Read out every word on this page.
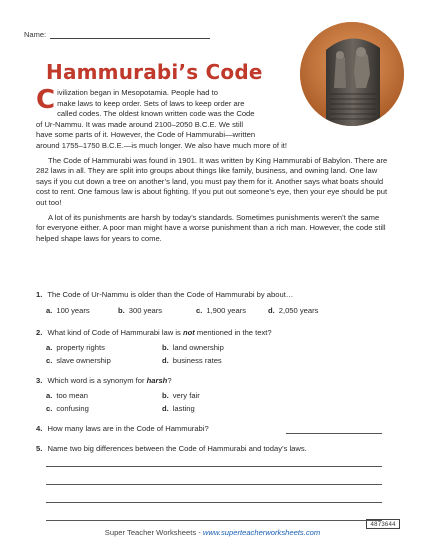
Name:
Hammurabi’s Code
C ivilization began in Mesopotamia. People had to
make laws to keep order. Sets of laws to keep order are
called codes. The oldest known written code was the Code
of Ur-Nammu. It was made around 2100–2050 B.C.E. We still
have some parts of it. However, the Code of Hammurabi—written
around 1755–1750 B.C.E.—is much longer. We also have much more of it!

The Code of Hammurabi was found in 1901. It was written by King Hammurabi of Babylon. There are 282 laws in all. They are split into groups about things like family, business, and owning land. One law says if you cut down a tree on another’s land, you must pay them for it. Another says what boats should cost to rent. One famous law is about fighting. If you put out someone’s eye, then your eye should be put out too!

A lot of its punishments are harsh by today’s standards. Sometimes punishments weren’t the same for everyone either. A poor man might have a worse punishment than a rich man. However, the code still helped shape laws for years to come.

1. The Code of Ur-Nammu is older than the Code of Hammurabi by about…
a. 100 years	b. 300 years	c. 1,900 years	d. 2,050 years
2. What kind of Code of Hammurabi law is not mentioned in the text?
a. property rights	b. land ownership
c. slave ownership	d. business rates
3. Which word is a synonym for harsh?
a. too mean	b. very fair
c. confusing	d. lasting
4. How many laws are in the Code of Hammurabi?
5. Name two big differences between the Code of Hammurabi and today’s laws.
4873644
Super Teacher Worksheets - www.superteacherworksheets.com
